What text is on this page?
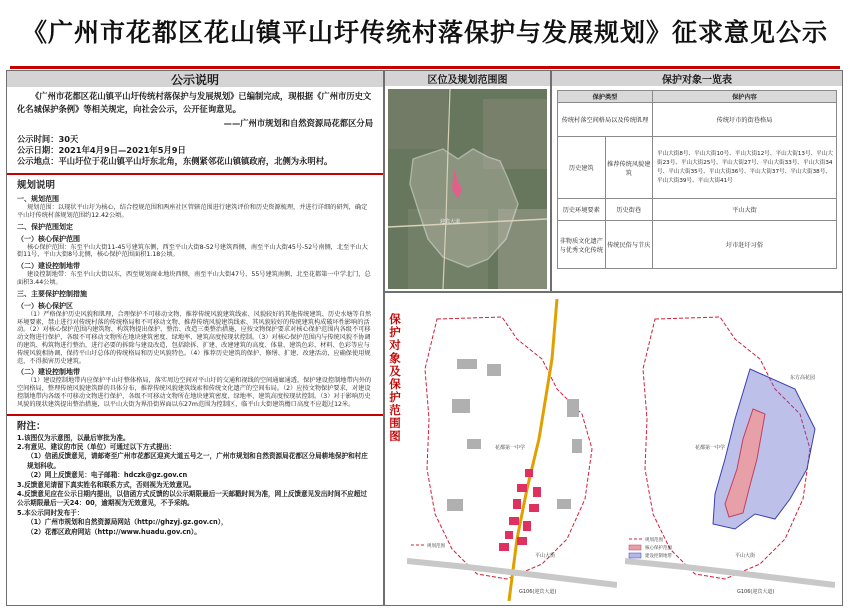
《广州市花都区花山镇平山圩传统村落保护与发展规划》征求意见公示
公示说明

《广州市花都区花山镇平山圩传统村落保护与发展规划》已编制完成，现根据《广州市历史文化名城保护条例》等相关规定，向社会公示，公开征询意见。

——广州市规划和自然资源局花都区分局
公示时间：30天
公示日期：2021年4月9日—2021年5月9日
公示地点：平山圩位于花山镇平山圩东北角，东侧紧邻花山镇镇政府，北侧为永明村。
规划说明
一、规划范围

规划范围：以现状平山圩为核心，结合控规范围和两座社区管辖范围进行建筑评价和历史资源梳理，并进行详细的研判，确定平山圩传统村落规划范围约12.42公顷。

二、保护范围划定
（一）核心保护范围

核心保护范围：东至平山大街11-45号建筑东侧，西至平山大街8-52号建筑西侧，南至平山大街45号-52号南侧，北至平山大街11号、平山大街8号北侧，核心保护范围面积1.18公顷。

（二）建设控制地带

建设控制地带：东至平山大街以东，西至规划商业地块西侧，南至平山大街47号、55号建筑南侧，北至花都第一中学北门，总面积3.44公顷。

三、主要保护控制措施
（一）核心保护区

（1）严格保护历史风貌和肌理，合理保护不可移动文物、推荐传统风貌建筑线索、风貌较好的其他传统建筑、历史水塘等自然环境要素，禁止进行对传统村落的传统格局和不可移动文物、推荐传统风貌建筑线索、其风貌较好的传统建筑构成破坏性影响的活动。（2）对核心保护范围内建筑物、构筑物提出保护、整治、改造三类整治措施，应按文物保护要求对核心保护范围内各级不可移动文物进行保护，各级不可移动文物所在地块建筑密度、绿地率、建筑高度按现状控制。（3）对核心保护范围内与传统风貌不协调的建筑、构筑物进行整治，进行必要的拆除与建设改造，包括除拆、扩建、改建建筑的高度、体量、建筑色彩、材料、色彩等应与传统风貌相协调，保持平山圩总体的传统格局和历史风貌特色。（4）推荐历史建筑的保护、修缮、扩建、改建活动，应确保使用规范，不得损害历史建筑。

（二）建设控制地带

（1）建设控制地带内应保护平山圩整体格局，落实周边空间对平山圩的交通和视线的空间通廊通透，保护建设控制地带内外的空间格局，整理传统风貌建筑群的具体分布，推荐传统风貌建筑线索和传统文化遗产的空间布局。（2）应按文物保护要求，对建设控制地带内各级不可移动文物进行保护，各级不可移动文物所在地块建筑密度、绿地率、建筑高度按现状控制。（3）对于影响历史风貌的现状建筑提出整治措施，以平山大街为界沿街界面以东27m范围为控制区，临平山大街建筑檐口高度不应超过12米。

附注：

1.该图仅为示意图，以最后审批为准。

2.有意见、建议的市民（单位）可通过以下方式提出：

（1）信函反馈意见，请邮寄至广州市花都区迎宾大道五号之一，广州市规划和自然资源局花都区分局耕地保护和村庄规划科收。

（2）网上反馈意见：电子邮箱：hdczk@gz.gov.cn

3.反馈意见请留下真实姓名和联系方式，否则视为无效意见。

4.反馈意见应在公示日期内提出，以信函方式反馈的以公示期限最后一天邮戳时间为准，网上反馈意见发出时间不应超过公示期限最后一天24：00，逾期视为无效意见，不予采纳。

5.本公示同时发布于：

（1）广州市规划和自然资源局网站（http://ghzyj.gz.gov.cn），

（2）花都区政府网站（http://www.huadu.gov.cn）。

区位及规划范围图
迎宾大道
保护对象一览表
保护类型		保护内容
传统村落空间格局以及传统肌理		传统圩市的街巷格局
历史建筑	推荐传统风貌建筑	平山大街8号、平山大街10号、平山大街12号、平山大街13号、平山大街23号、平山大街25号、平山大街27号、平山大街33号、平山大街34号、平山大街35号、平山大街36号、平山大街37号、平山大街38号、平山大街39号、平山大街41号
历史环境要素	历史街巷	平山大街
非物质文化遗产与优秀文化传统	传统民俗与节庆	圩市赶圩习俗
保护对象及保护范围图
花都第一中学
平山大街
G106(迎宾大道)
规划范围
花都第一中学
东方高花园
平山大街
G106(迎宾大道)
规划范围
核心保护范围
建设控制地带
